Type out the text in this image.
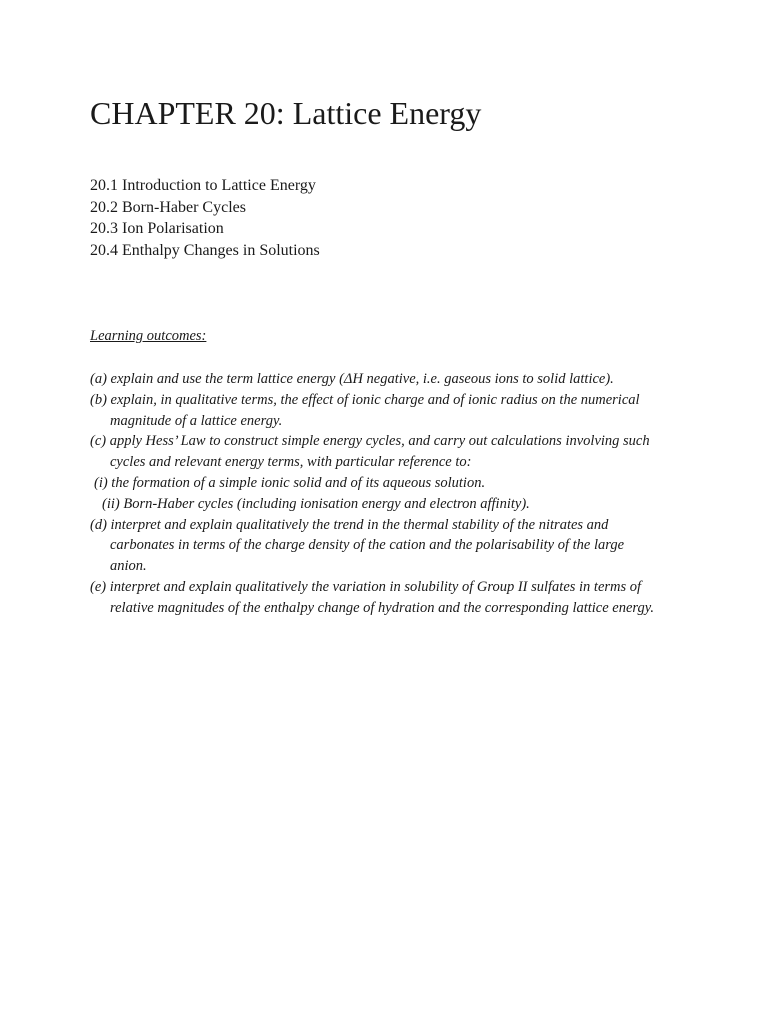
CHAPTER 20: Lattice Energy
20.1 Introduction to Lattice Energy
20.2 Born-Haber Cycles
20.3 Ion Polarisation
20.4 Enthalpy Changes in Solutions
Learning outcomes:
(a) explain and use the term lattice energy (ΔH negative, i.e. gaseous ions to solid lattice).
(b) explain, in qualitative terms, the effect of ionic charge and of ionic radius on the numerical
magnitude of a lattice energy.
(c) apply Hess’ Law to construct simple energy cycles, and carry out calculations involving such
cycles and relevant energy terms, with particular reference to:
(i) the formation of a simple ionic solid and of its aqueous solution.
(ii) Born-Haber cycles (including ionisation energy and electron affinity).
(d) interpret and explain qualitatively the trend in the thermal stability of the nitrates and
carbonates in terms of the charge density of the cation and the polarisability of the large
anion.
(e) interpret and explain qualitatively the variation in solubility of Group II sulfates in terms of
relative magnitudes of the enthalpy change of hydration and the corresponding lattice energy.
